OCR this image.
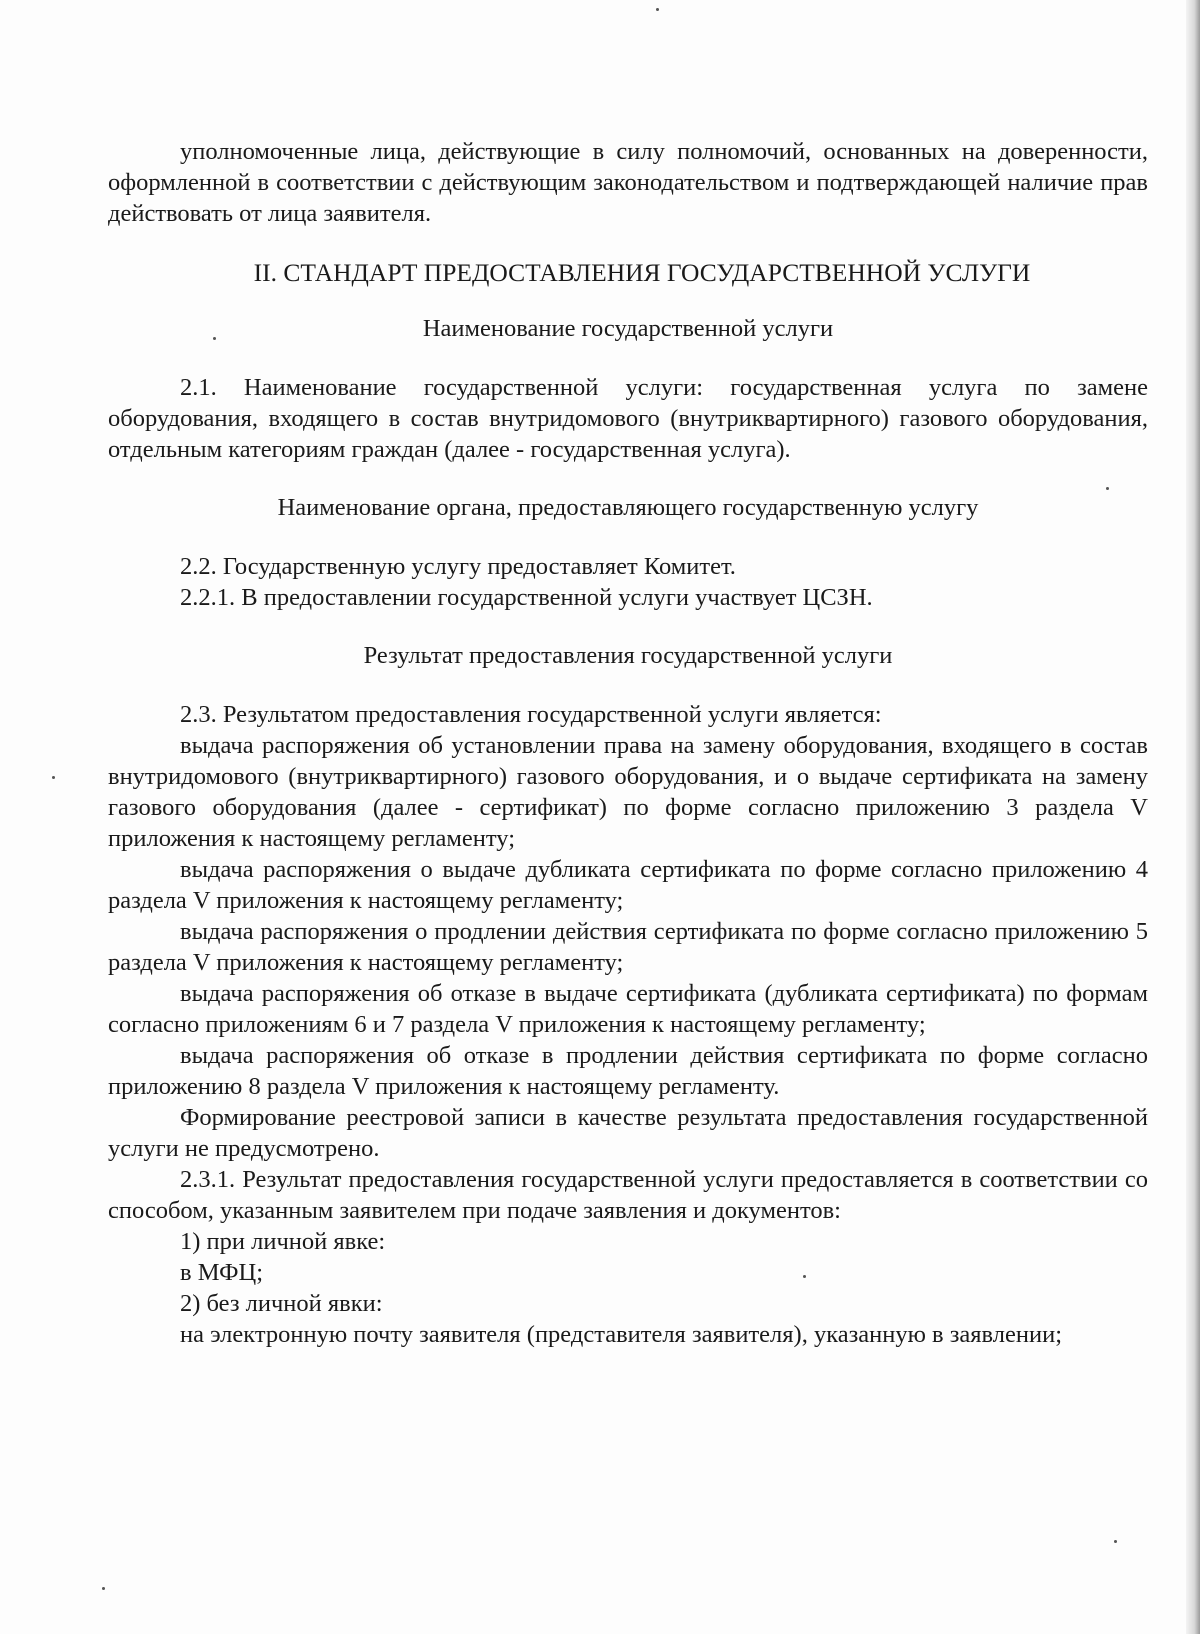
уполномоченные лица, действующие в силу полномочий, основанных на доверенности, оформленной в соответствии с действующим законодательством и подтверждающей наличие прав действовать от лица заявителя.

II. СТАНДАРТ ПРЕДОСТАВЛЕНИЯ ГОСУДАРСТВЕННОЙ УСЛУГИ

Наименование государственной услуги

2.1. Наименование государственной услуги: государственная услуга по замене оборудования, входящего в состав внутридомового (внутриквартирного) газового оборудования, отдельным категориям граждан (далее - государственная услуга).

Наименование органа, предоставляющего государственную услугу

2.2. Государственную услугу предоставляет Комитет.

2.2.1. В предоставлении государственной услуги участвует ЦСЗН.

Результат предоставления государственной услуги

2.3. Результатом предоставления государственной услуги является:

выдача распоряжения об установлении права на замену оборудования, входящего в состав внутридомового (внутриквартирного) газового оборудования, и о выдаче сертификата на замену газового оборудования (далее - сертификат) по форме согласно приложению 3 раздела V приложения к настоящему регламенту;

выдача распоряжения о выдаче дубликата сертификата по форме согласно приложению 4 раздела V приложения к настоящему регламенту;

выдача распоряжения о продлении действия сертификата по форме согласно приложению 5 раздела V приложения к настоящему регламенту;

выдача распоряжения об отказе в выдаче сертификата (дубликата сертификата) по формам согласно приложениям 6 и 7 раздела V приложения к настоящему регламенту;

выдача распоряжения об отказе в продлении действия сертификата по форме согласно приложению 8 раздела V приложения к настоящему регламенту.

Формирование реестровой записи в качестве результата предоставления государственной услуги не предусмотрено.

2.3.1. Результат предоставления государственной услуги предоставляется в соответствии со способом, указанным заявителем при подаче заявления и документов:

1) при личной явке:

в МФЦ;

2) без личной явки:

на электронную почту заявителя (представителя заявителя), указанную в заявлении;
